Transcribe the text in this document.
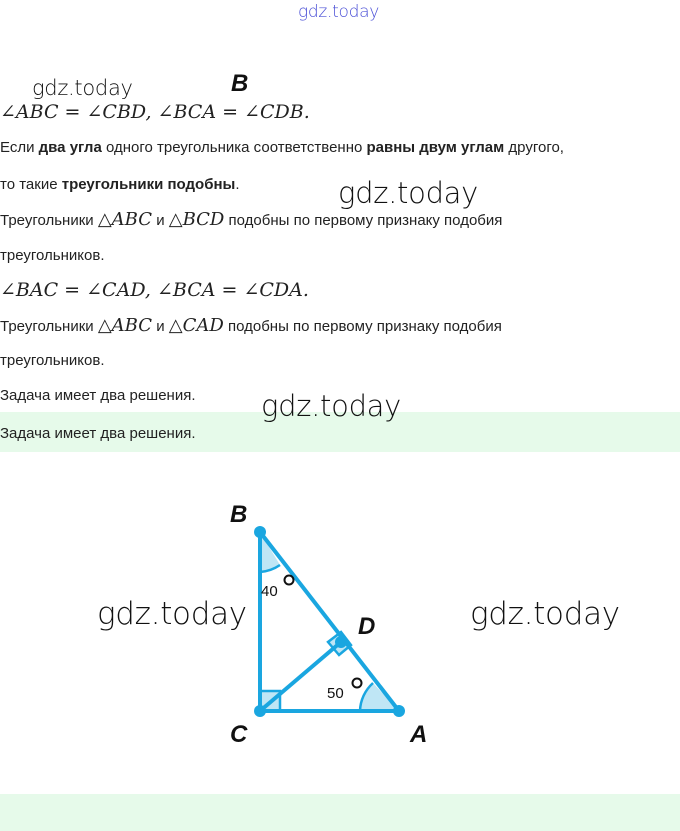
gdz.today
gdz.today	B
∠ABC = ∠CBD, ∠BCA = ∠CDB.
Если два угла одного треугольника соответственно равны двум углам другого,
то такие треугольники подобны.	gdz.today
Треугольники △ABC и △BCD подобны по первому признаку подобия
треугольников.
∠BAC = ∠CAD, ∠BCA = ∠CDA.
Треугольники △ABC и △CAD подобны по первому признаку подобия
треугольников.
Задача имеет два решения.
Задача имеет два решения.
gdz.today
B
C	A
D
40
50
gdz.today	gdz.today
